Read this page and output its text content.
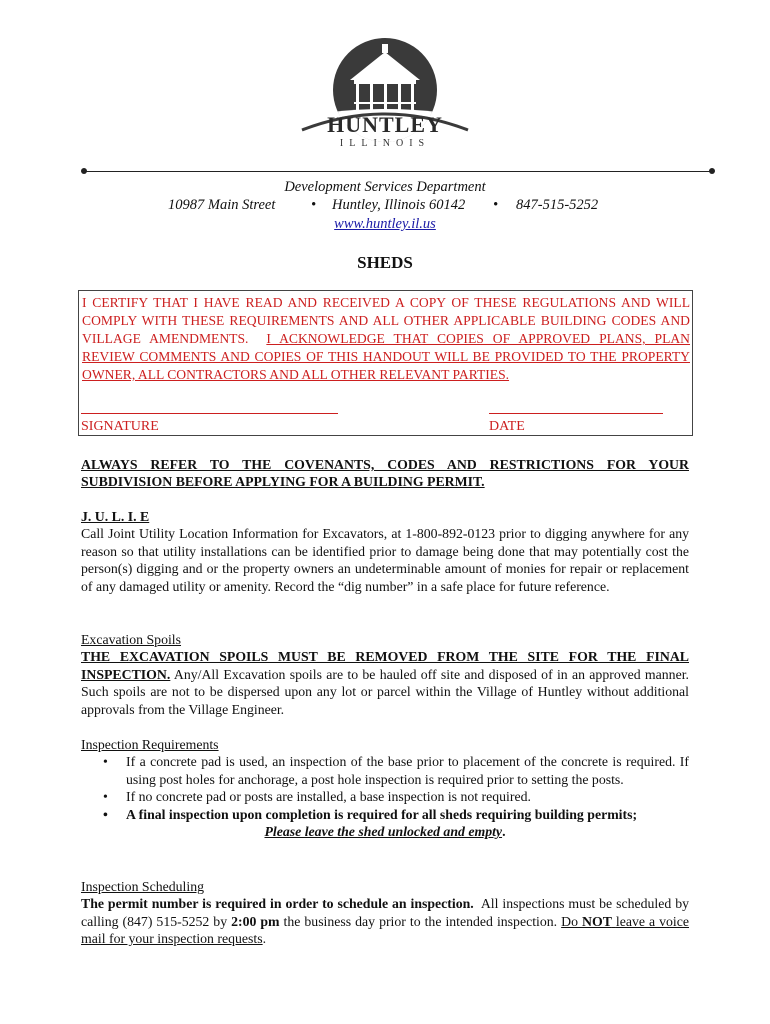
HUNTLEY
ILLINOIS
Development Services Department
10987 Main Street • Huntley, Illinois 60142 • 847-515-5252
www.huntley.il.us
SHEDS
I CERTIFY THAT I HAVE READ AND RECEIVED A COPY OF THESE REGULATIONS AND WILL COMPLY WITH THESE REQUIREMENTS AND ALL OTHER APPLICABLE BUILDING CODES AND VILLAGE AMENDMENTS. I ACKNOWLEDGE THAT COPIES OF APPROVED PLANS, PLAN REVIEW COMMENTS AND COPIES OF THIS HANDOUT WILL BE PROVIDED TO THE PROPERTY OWNER, ALL CONTRACTORS AND ALL OTHER RELEVANT PARTIES.
SIGNATURE	DATE
ALWAYS REFER TO THE COVENANTS, CODES AND RESTRICTIONS FOR YOUR SUBDIVISION BEFORE APPLYING FOR A BUILDING PERMIT.
J. U. L. I. E
Call Joint Utility Location Information for Excavators, at 1-800-892-0123 prior to digging anywhere for any reason so that utility installations can be identified prior to damage being done that may potentially cost the person(s) digging and or the property owners an undeterminable amount of monies for repair or replacement of any damaged utility or amenity. Record the “dig number” in a safe place for future reference.
Excavation Spoils
THE EXCAVATION SPOILS MUST BE REMOVED FROM THE SITE FOR THE FINAL INSPECTION. Any/All Excavation spoils are to be hauled off site and disposed of in an approved manner. Such spoils are not to be dispersed upon any lot or parcel within the Village of Huntley without additional approvals from the Village Engineer.
Inspection Requirements
• If a concrete pad is used, an inspection of the base prior to placement of the concrete is required. If using post holes for anchorage, a post hole inspection is required prior to setting the posts.
• If no concrete pad or posts are installed, a base inspection is not required.
• A final inspection upon completion is required for all sheds requiring building permits;
Please leave the shed unlocked and empty.
Inspection Scheduling
The permit number is required in order to schedule an inspection. All inspections must be scheduled by calling (847) 515-5252 by 2:00 pm the business day prior to the intended inspection. Do NOT leave a voice mail for your inspection requests.
